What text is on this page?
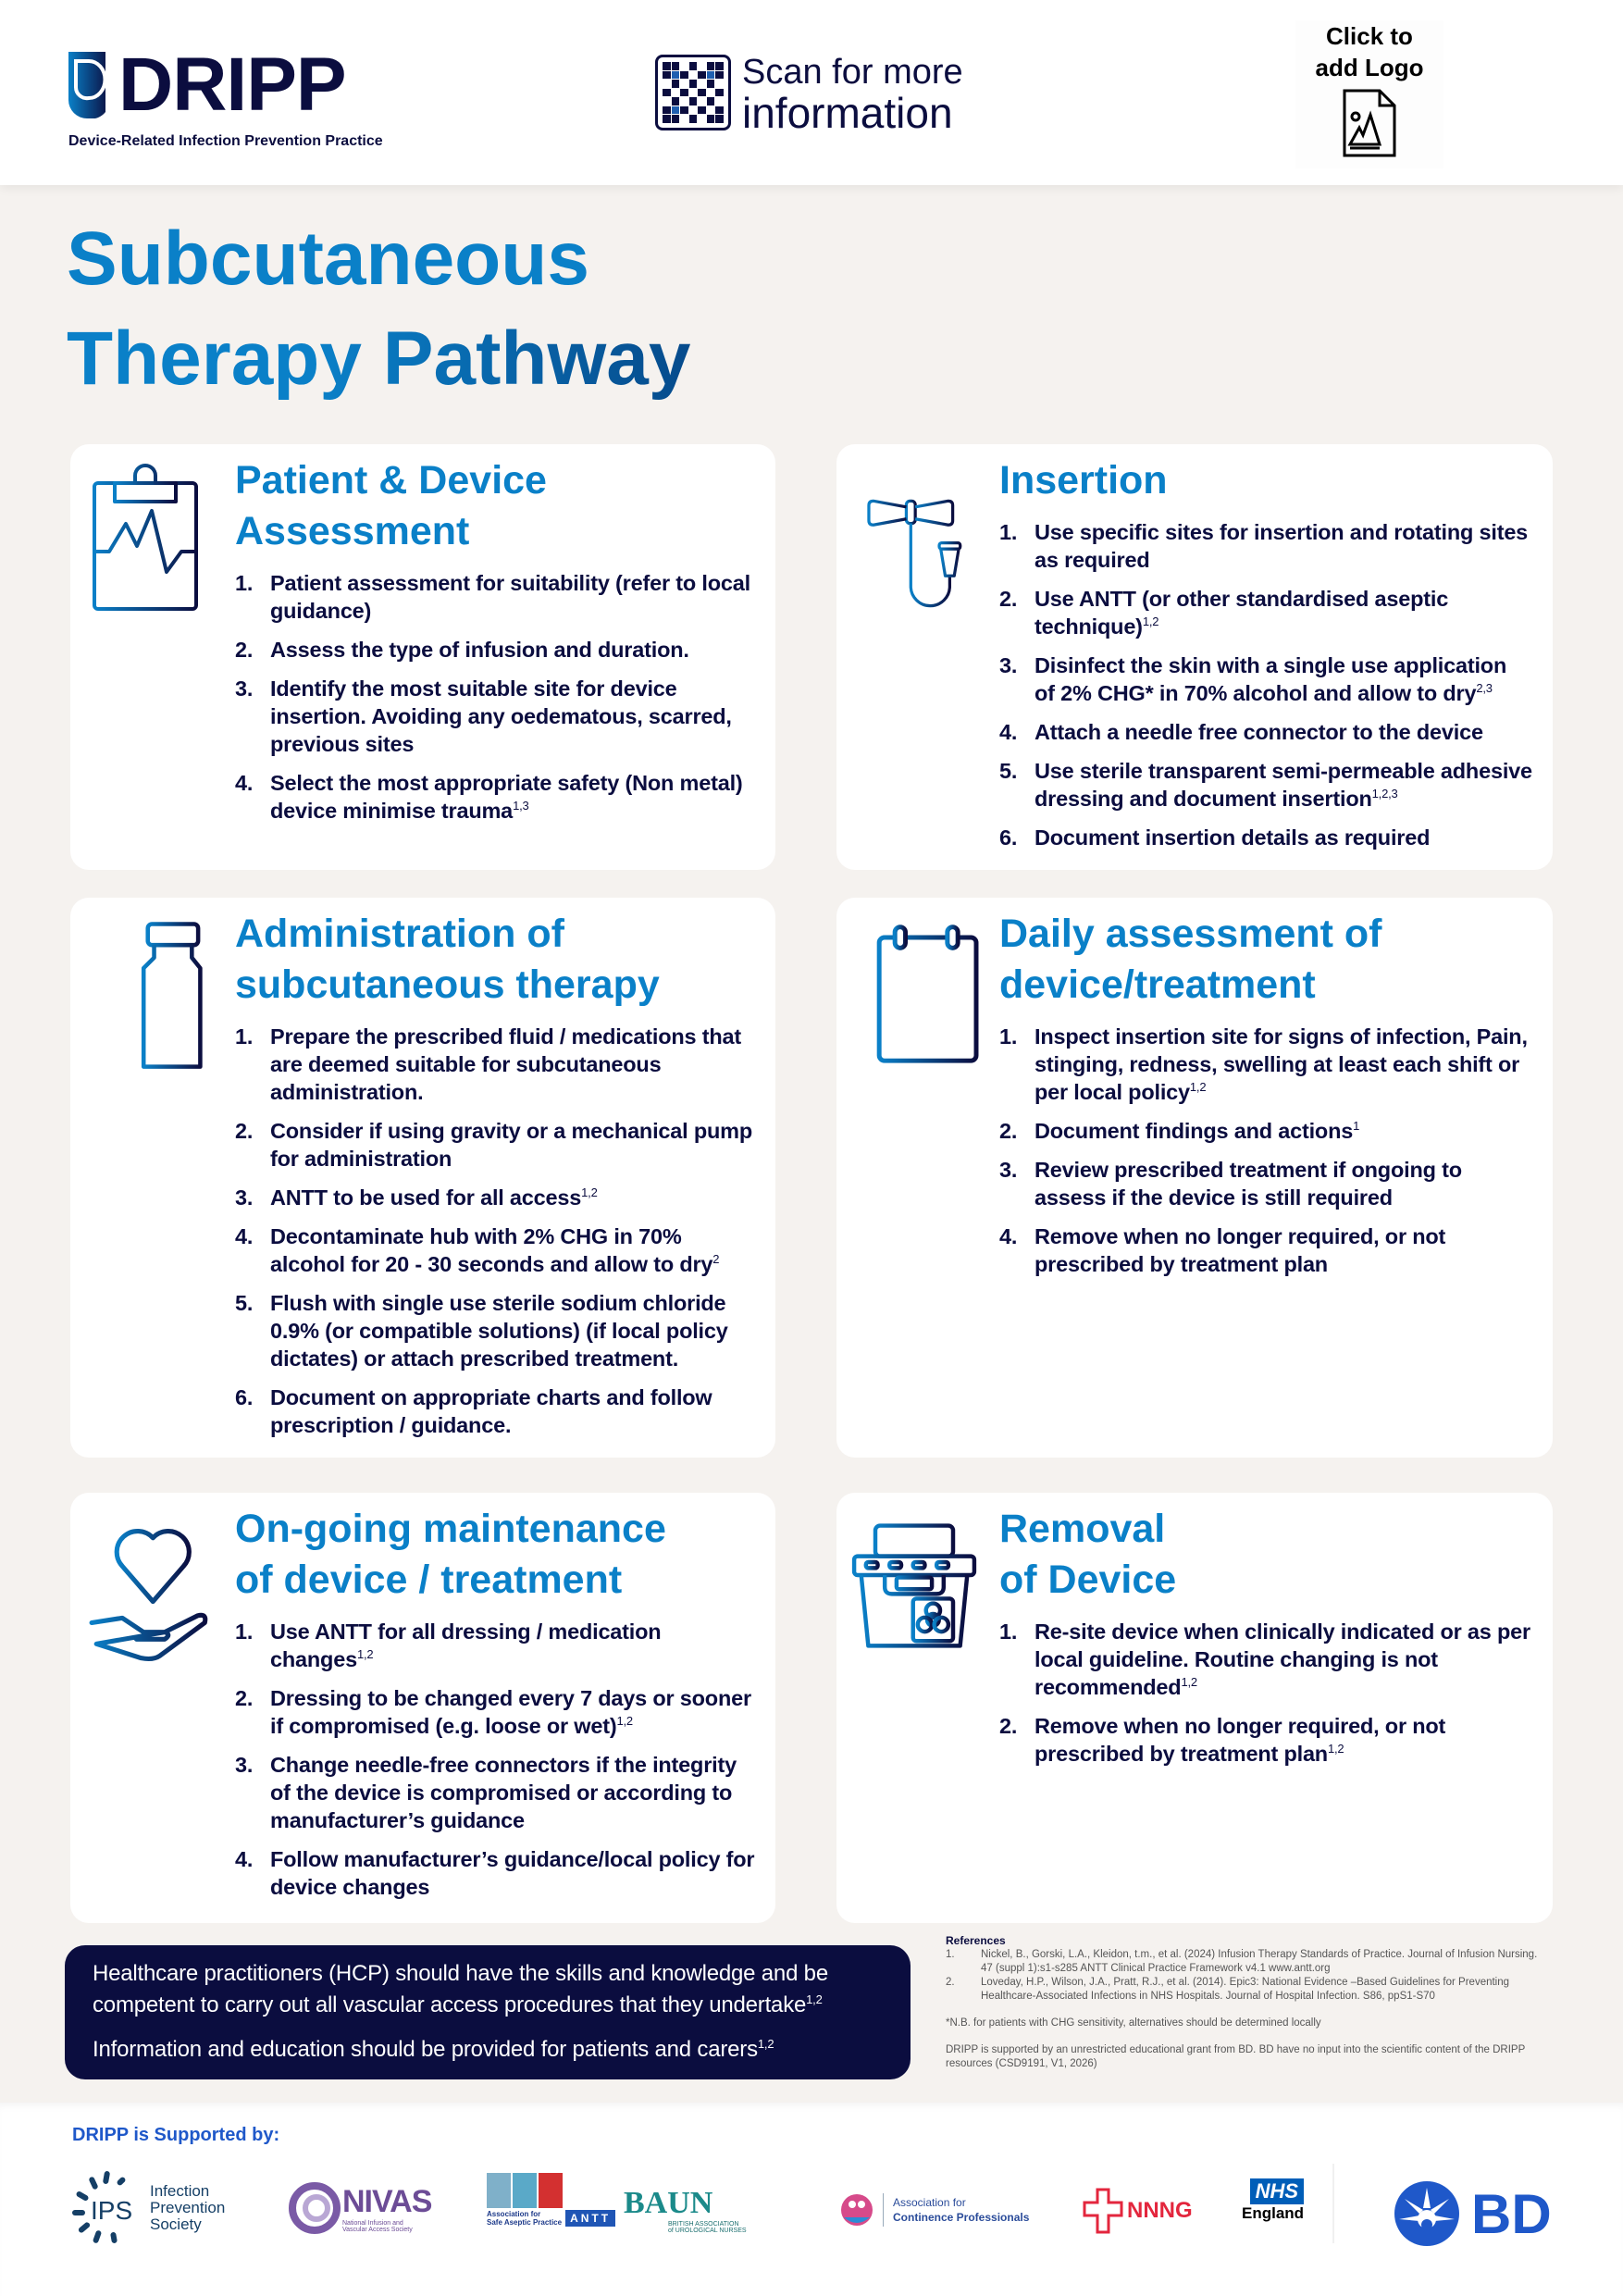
DRIPP
Device-Related Infection Prevention Practice
Scan for more
information
Click to
add Logo
Subcutaneous
Therapy Pathway
Patient & Device
Assessment
1. Patient assessment for suitability (refer to local guidance)
2. Assess the type of infusion and duration.
3. Identify the most suitable site for device insertion. Avoiding any oedematous, scarred, previous sites
4. Select the most appropriate safety (Non metal) device minimise trauma$^{1,3}$
Insertion
1. Use specific sites for insertion and rotating sites as required
2. Use ANTT (or other standardised aseptic technique)$^{1,2}$
3. Disinfect the skin with a single use application of 2% CHG* in 70% alcohol and allow to dry$^{2,3}$
4. Attach a needle free connector to the device
5. Use sterile transparent semi-permeable adhesive dressing and document insertion$^{1,2,3}$
6. Document insertion details as required
Administration of
subcutaneous therapy
1. Prepare the prescribed fluid / medications that are deemed suitable for subcutaneous administration.
2. Consider if using gravity or a mechanical pump for administration
3. ANTT to be used for all access$^{1,2}$
4. Decontaminate hub with 2% CHG in 70% alcohol for 20 - 30 seconds and allow to dry$^2$
5. Flush with single use sterile sodium chloride 0.9% (or compatible solutions) (if local policy dictates) or attach prescribed treatment.
6. Document on appropriate charts and follow prescription / guidance.
Daily assessment of
device/treatment
1. Inspect insertion site for signs of infection, Pain, stinging, redness, swelling at least each shift or per local policy$^{1,2}$
2. Document findings and actions$^1$
3. Review prescribed treatment if ongoing to assess if the device is still required
4. Remove when no longer required, or not prescribed by treatment plan
On-going maintenance
of device / treatment
1. Use ANTT for all dressing / medication changes$^{1,2}$
2. Dressing to be changed every 7 days or sooner if compromised (e.g. loose or wet)$^{1,2}$
3. Change needle-free connectors if the integrity of the device is compromised or according to manufacturer’s guidance
4. Follow manufacturer’s guidance/local policy for device changes
Removal
of Device
1. Re-site device when clinically indicated or as per local guideline. Routine changing is not recommended$^{1,2}$
2. Remove when no longer required, or not prescribed by treatment plan$^{1,2}$

Healthcare practitioners (HCP) should have the skills and knowledge and be competent to carry out all vascular access procedures that they undertake$^{1,2}$

Information and education should be provided for patients and carers$^{1,2}$

References
1. Nickel, B., Gorski, L.A., Kleidon, t.m., et al. (2024) Infusion Therapy Standards of Practice. Journal of Infusion Nursing. 47 (suppl 1):s1-s285 ANTT Clinical Practice Framework v4.1 www.antt.org
2. Loveday, H.P., Wilson, J.A., Pratt, R.J., et al. (2014). Epic3: National Evidence –Based Guidelines for Preventing Healthcare-Associated Infections in NHS Hospitals. Journal of Hospital Infection. S86, ppS1-S70
*N.B. for patients with CHG sensitivity, alternatives should be determined locally
DRIPP is supported by an unrestricted educational grant from BD. BD have no input into the scientific content of the DRIPP resources (CSD9191, V1, 2026)
DRIPP is Supported by:
IPS
Infection
Prevention
Society
NIVAS
National Infusion and
Vascular Access Society
Association for
Safe Aseptic Practice ANTT BAUN
BRITISH ASSOCIATION
of UROLOGICAL NURSES
Association for
Continence Professionals	NNNG
NHS
England	BD
